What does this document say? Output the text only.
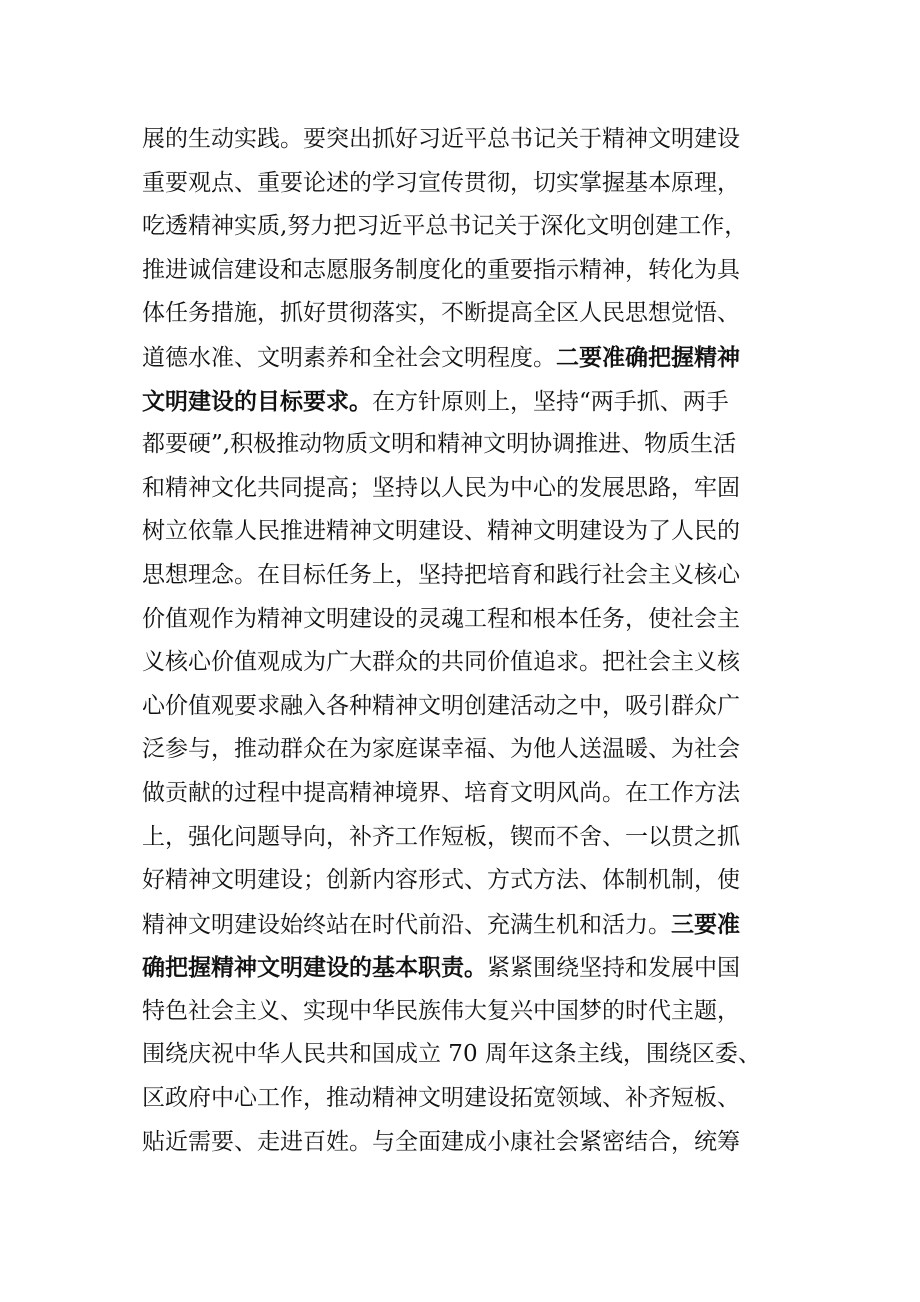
展的生动实践。要突出抓好习近平总书记关于精神文明建设
重要观点、重要论述的学习宣传贯彻，切实掌握基本原理，
吃透精神实质,努力把习近平总书记关于深化文明创建工作，
推进诚信建设和志愿服务制度化的重要指示精神，转化为具
体任务措施，抓好贯彻落实，不断提高全区人民思想觉悟、
道德水准、文明素养和全社会文明程度。二要准确把握精神
文明建设的目标要求。在方针原则上，坚持“两手抓、两手
都要硬”,积极推动物质文明和精神文明协调推进、物质生活
和精神文化共同提高；坚持以人民为中心的发展思路，牢固
树立依靠人民推进精神文明建设、精神文明建设为了人民的
思想理念。在目标任务上，坚持把培育和践行社会主义核心
价值观作为精神文明建设的灵魂工程和根本任务，使社会主
义核心价值观成为广大群众的共同价值追求。把社会主义核
心价值观要求融入各种精神文明创建活动之中，吸引群众广
泛参与，推动群众在为家庭谋幸福、为他人送温暖、为社会
做贡献的过程中提高精神境界、培育文明风尚。在工作方法
上，强化问题导向，补齐工作短板，锲而不舍、一以贯之抓
好精神文明建设；创新内容形式、方式方法、体制机制，使
精神文明建设始终站在时代前沿、充满生机和活力。三要准
确把握精神文明建设的基本职责。紧紧围绕坚持和发展中国
特色社会主义、实现中华民族伟大复兴中国梦的时代主题，
围绕庆祝中华人民共和国成立 70 周年这条主线，围绕区委、
区政府中心工作，推动精神文明建设拓宽领域、补齐短板、
贴近需要、走进百姓。与全面建成小康社会紧密结合，统筹
